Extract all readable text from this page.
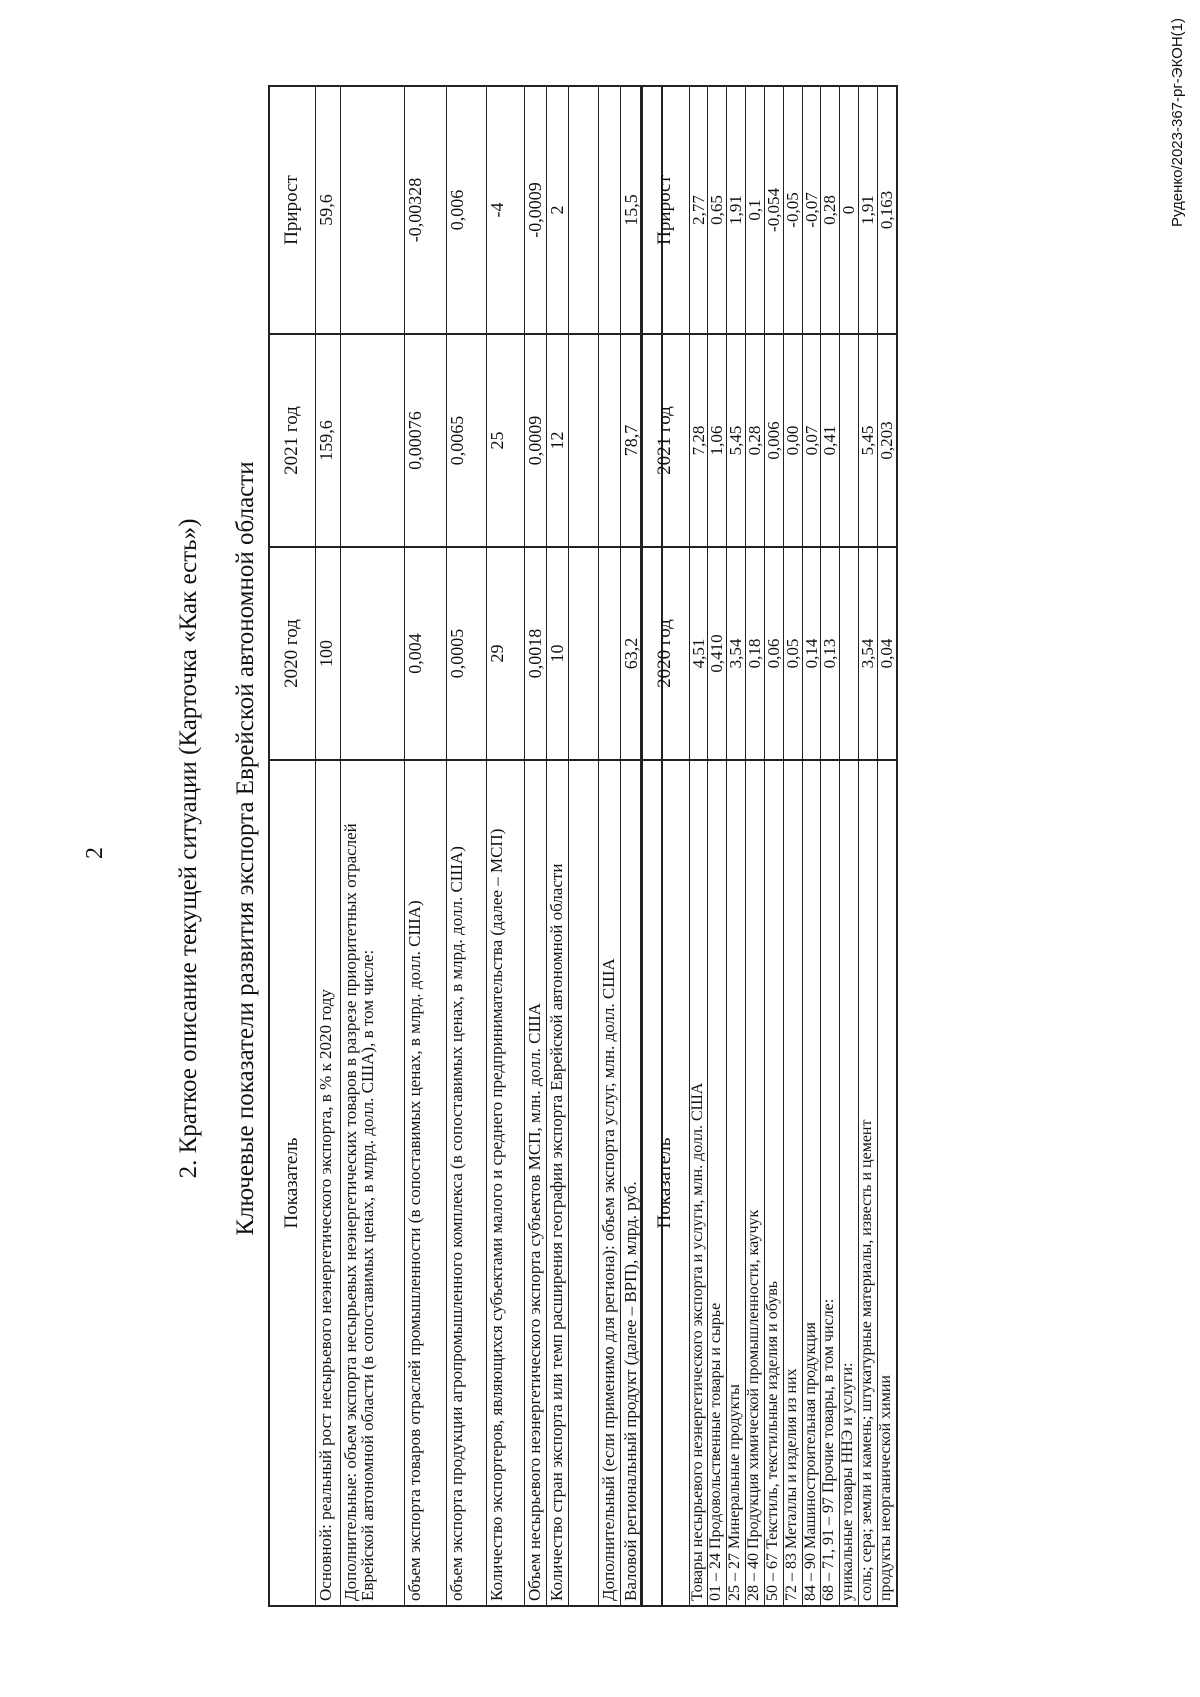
2	2. Краткое описание текущей ситуации (Карточка «Как есть») Ключевые показатели развития экспорта Еврейской автономной области Показатель	2020 год	2021 год	Прирост
Основной: реальный рост несырьевого неэнергетического экспорта, в % к 2020 году	100	159,6	59,6
Дополнительные: объем экспорта несырьевых неэнергетических товаров в разрезе приоритетных отраслей Еврейской автономной области (в сопоставимых ценах, в млрд. долл. США), в том числе:			
объем экспорта товаров отраслей промышленности (в сопоставимых ценах, в млрд. долл. США)	0,004	0,00076	-0,00328
объем экспорта продукции агропромышленного комплекса (в сопоставимых ценах, в млрд. долл. США)	0,0005	0,0065	0,006
Количество экспортеров, являющихся субъектами малого и среднего предпринимательства (далее – МСП)	29	25	-4
Объем несырьевого неэнергетического экспорта субъектов МСП, млн. долл. США	0,0018	0,0009	-0,0009
Количество стран экспорта или темп расширения географии экспорта Еврейской автономной области	10	12	2

Дополнительный (если применимо для региона): объем экспорта услуг, млн. долл. США			
Валовой региональный продукт (далее – ВРП), млрд. руб.	63,2	78,7	15,5

Показатель	2020 год	2021 год	Прирост
Товары несырьевого неэнергетического экспорта и услуги, млн. долл. США	4,51	7,28	2,77
01 – 24 Продовольственные товары и сырье	0,410	1,06	0,65
25 – 27 Минеральные продукты	3,54	5,45	1,91
28 – 40 Продукция химической промышленности, каучук	0,18	0,28	0,1
50 – 67 Текстиль, текстильные изделия и обувь	0,06	0,006	-0,054
72 – 83 Металлы и изделия из них	0,05	0,00	-0,05
84 – 90 Машиностроительная продукция	0,14	0,07	-0,07
68 – 71, 91 – 97 Прочие товары, в том числе:	0,13	0,41	0,28
уникальные товары ННЭ и услуги:			0
соль; сера; земли и камень; штукатурные материалы, известь и цемент	3,54	5,45	1,91
продукты неорганической химии	0,04	0,203	0,163	Руденко/2023-367-рг-ЭКОН(1)
